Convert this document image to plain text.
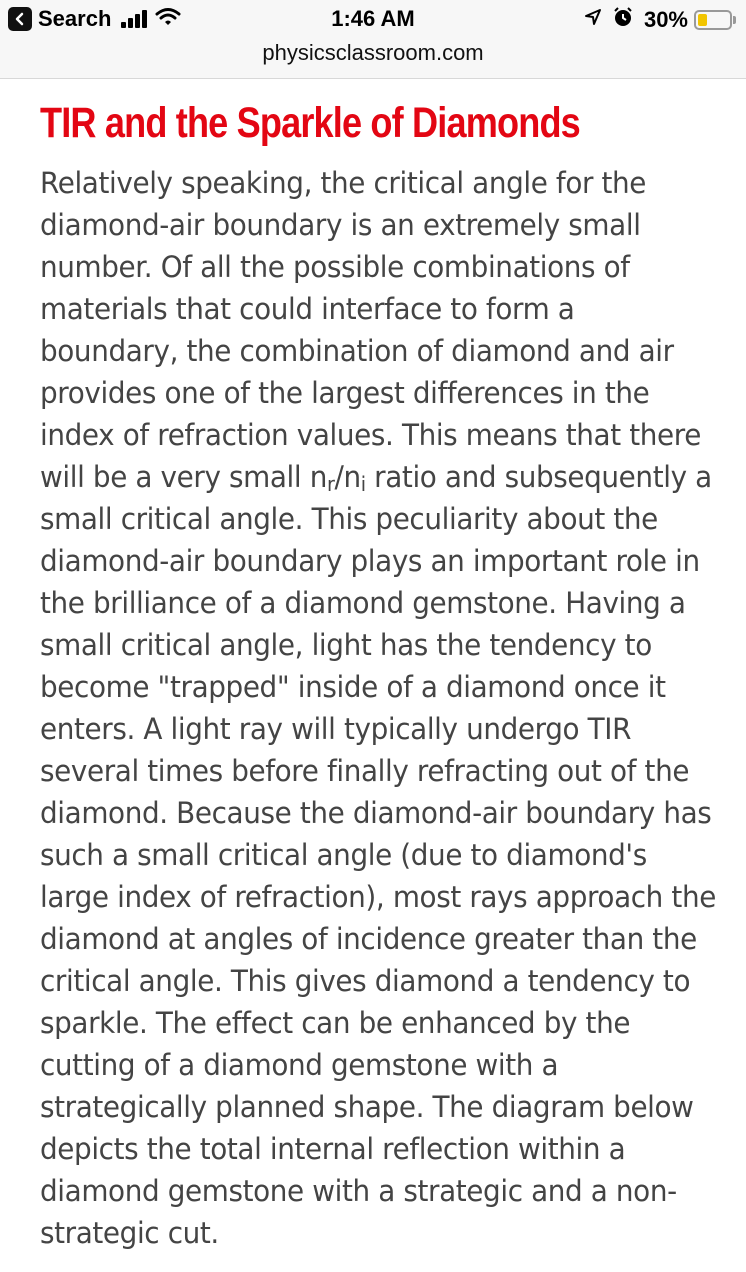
Search	1:46 AM	30%
physicsclassroom.com
TIR and the Sparkle of Diamonds

Relatively speaking, the critical angle for the diamond-air boundary is an extremely small number. Of all the possible combinations of materials that could interface to form a boundary, the combination of diamond and air provides one of the largest differences in the index of refraction values. This means that there will be a very small $n_r/n_i$ ratio and subsequently a small critical angle. This peculiarity about the diamond-air boundary plays an important role in the brilliance of a diamond gemstone. Having a small critical angle, light has the tendency to become "trapped" inside of a diamond once it enters. A light ray will typically undergo TIR several times before finally refracting out of the diamond. Because the diamond-air boundary has such a small critical angle (due to diamond's large index of refraction), most rays approach the diamond at angles of incidence greater than the critical angle. This gives diamond a tendency to sparkle. The effect can be enhanced by the cutting of a diamond gemstone with a strategically planned shape. The diagram below depicts the total internal reflection within a diamond gemstone with a strategic and a non-strategic cut.
